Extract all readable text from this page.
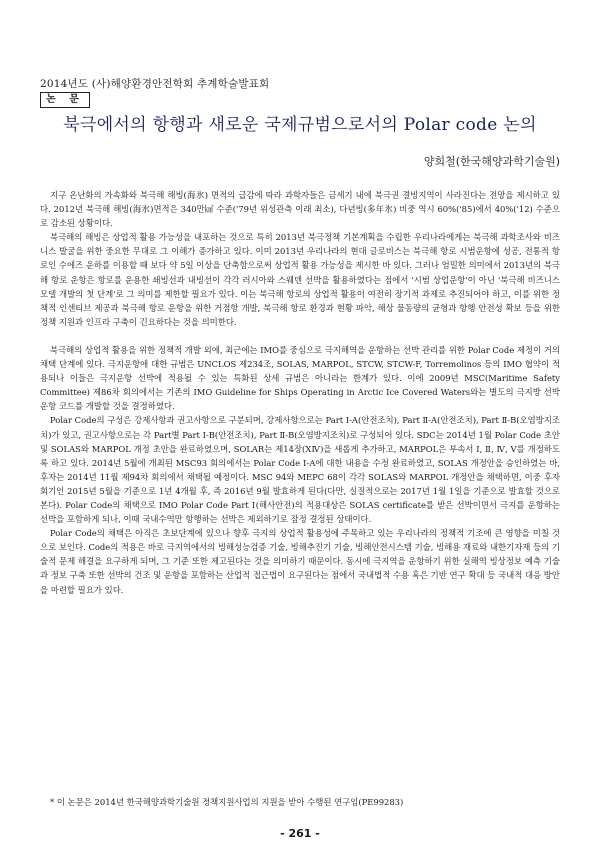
2014년도 (사)해양환경안전학회 추계학술발표회
논 문
북극에서의 항행과 새로운 국제규범으로서의 Polar code 논의
양희철(한국해양과학기술원)

지구 온난화의 가속화와 북극해 해빙(海氷) 면적의 급감에 따라 과학자들은 금세기 내에 북극권 결빙지역이 사라진다는 전망을 제시하고 있다. 2012년 북극해 해빙(海氷)면적은 340만㎢ 수준('79년 위성관측 이래 최소), 다년빙(多年氷) 비중 역시 60%('85)에서 40%('12) 수준으로 감소된 상황이다.

북극해의 해빙은 상업적 활용 가능성을 내포하는 것으로 특히 2013년 북극정책 기본계획을 수립한 우리나라에게는 북극해 과학조사와 비즈니스 발굴을 위한 중요한 무대로 그 이해가 증가하고 있다. 이미 2013년 우리나라의 현대 글로비스는 북극해 항로 시범운항에 성공, 전통적 항로인 수에즈 운하를 이용할 때 보다 약 5일 이상을 단축함으로써 상업적 활용 가능성을 제시한 바 있다. 그러나 엄밀한 의미에서 2013년의 북극해 항로 운항은 항로를 운용한 쇄빙선과 내빙선이 각각 러시아와 스웨덴 선박을 활용하였다는 점에서 '시범 상업운항'이 아닌 '북극해 비즈니스 모델 개발의 첫 단계'로 그 의미를 제한할 필요가 있다. 이는 북극해 항로의 상업적 활용이 여전히 장기적 과제로 추진되어야 하고, 이를 위한 정책적 인센티브 제공과 북극해 항로 운항을 위한 거점항 개발, 북극해 항로 환경과 현황 파악, 해상 물동량의 균형과 항행 안전성 확보 등을 위한 정책 지원과 인프라 구축이 긴요하다는 것을 의미한다.

북극해의 상업적 활용을 위한 정책적 개발 외에, 최근에는 IMO를 중심으로 극지해역을 운항하는 선박 관리를 위한 Polar Code 제정이 거의 채택 단계에 있다. 극지운항에 대한 규범은 UNCLOS 제234조, SOLAS, MARPOL, STCW, STCW-F, Torremolinos 등의 IMO 협약이 적용되나 이들은 극지운항 선박에 적용될 수 있는 특화된 상세 규범은 아니라는 한계가 있다. 이에 2009년 MSC(Maritime Safety Committee) 제86차 회의에서는 기존의 IMO Guideline for Ships Operating in Arctic Ice Covered Waters와는 별도의 극지방 선박운항 코드를 개발할 것을 결정하였다.

Polar Code의 구성은 강제사항과 권고사항으로 구분되며, 강제사항으로는 Part Ⅰ-A(안전조치), Part Ⅱ-A(안전조치), Part Ⅱ-B(오염방지조치)가 있고, 권고사항으로는 각 Part별 Part Ⅰ-B(안전조치), Part Ⅱ-B(오염방지조치)로 구성되어 있다. SDC는 2014년 1월 Polar Code 초안 및 SOLAS와 MARPOL 개정 초안을 완료하였으며, SOLAR는 제14장(ⅩⅣ)을 새롭게 추가하고, MARPOL은 부속서 Ⅰ, Ⅱ, Ⅳ, Ⅴ를 개정하도록 하고 있다. 2014년 5월에 개최된 MSC93 회의에서는 Polar Code Ⅰ-A에 대한 내용을 수정 완료하였고, SOLAS 개정안을 승인하였는 바, 후자는 2014년 11월 제94차 회의에서 채택될 예정이다. MSC 94와 MEPC 68이 각각 SOLAS와 MARPOL 개정안을 채택하면, 이중 후자 회기인 2015년 5월을 기준으로 1년 4개월 후, 즉 2016년 9월 발효하게 된다(다만, 실질적으로는 2017년 1월 1일을 기준으로 발효할 것으로 본다). Polar Code의 채택으로 IMO Polar Code Part Ⅰ(해사안전)의 적용대상은 SOLAS certificate를 받은 선박이면서 극지를 운항하는 선박을 포함하게 되나, 이때 국내수역만 항행하는 선박은 제외하기로 잠정 결정된 상태이다.

Polar Code의 채택은 아직은 초보단계에 있으나 향후 극지의 상업적 활용성에 주목하고 있는 우리나라의 정책적 기조에 큰 영향을 미칠 것으로 보인다. Code의 적용은 바로 극지역에서의 빙해성능검증 기술, 빙해추진기 기술, 빙해안전시스템 기술, 빙해용 재료와 내한기자재 등의 기술적 문제 해결을 요구하게 되며, 그 기준 또한 제고된다는 것을 의미하기 때문이다. 동시에 극지역을 운항하기 위한 실해역 빙상정보 예측 기술과 정보 구축 또한 선박의 건조 및 운항을 포함하는 산업적 접근법이 요구된다는 점에서 국내법적 수용 혹은 기반 연구 확대 등 국내적 대응 방안을 마련할 필요가 있다.

* 이 논문은 2014년 한국해양과학기술원 정책지원사업의 지원을 받아 수행된 연구임(PE99283)
- 261 -
